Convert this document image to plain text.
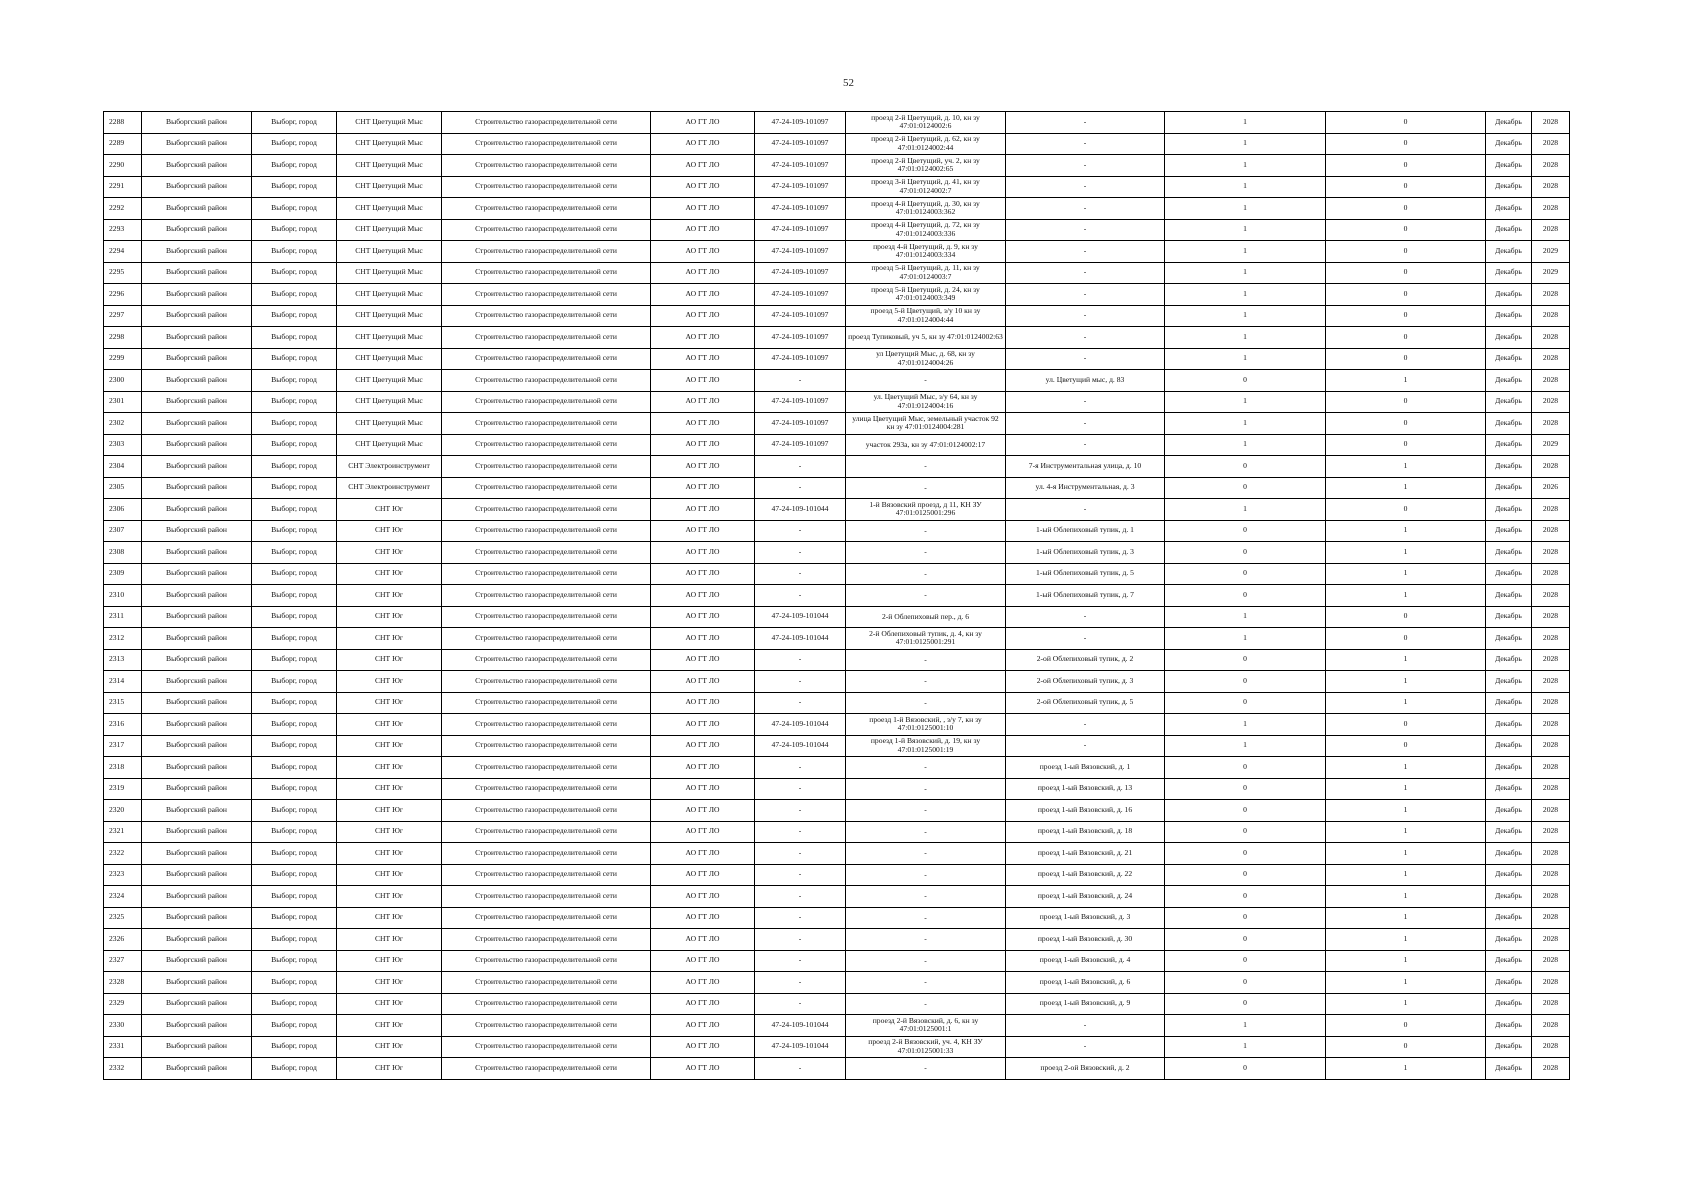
52
2288	Выборгский район	Выборг, город	СНТ Цветущий Мыс	Строительство газораспределительной сети	АО ГТ ЛО	47-24-109-101097	проезд 2-й Цветущий, д. 10, кн зу 47:01:0124002:6	-	1	0	Декабрь	2028
2289	Выборгский район	Выборг, город	СНТ Цветущий Мыс	Строительство газораспределительной сети	АО ГТ ЛО	47-24-109-101097	проезд 2-й Цветущий, д. 62, кн зу 47:01:0124002:44	-	1	0	Декабрь	2028
2290	Выборгский район	Выборг, город	СНТ Цветущий Мыс	Строительство газораспределительной сети	АО ГТ ЛО	47-24-109-101097	проезд 2-й Цветущий, уч. 2, кн зу 47:01:0124002:65	-	1	0	Декабрь	2028
2291	Выборгский район	Выборг, город	СНТ Цветущий Мыс	Строительство газораспределительной сети	АО ГТ ЛО	47-24-109-101097	проезд 3-й Цветущий, д. 41, кн зу 47:01:0124002:7	-	1	0	Декабрь	2028
2292	Выборгский район	Выборг, город	СНТ Цветущий Мыс	Строительство газораспределительной сети	АО ГТ ЛО	47-24-109-101097	проезд 4-й Цветущий, д. 30, кн зу 47:01:0124003:362	-	1	0	Декабрь	2028
2293	Выборгский район	Выборг, город	СНТ Цветущий Мыс	Строительство газораспределительной сети	АО ГТ ЛО	47-24-109-101097	проезд 4-й Цветущий, д. 72, кн зу 47:01:0124003:336	-	1	0	Декабрь	2028
2294	Выборгский район	Выборг, город	СНТ Цветущий Мыс	Строительство газораспределительной сети	АО ГТ ЛО	47-24-109-101097	проезд 4-й Цветущий, д. 9, кн зу 47:01:0124003:334	-	1	0	Декабрь	2029
2295	Выборгский район	Выборг, город	СНТ Цветущий Мыс	Строительство газораспределительной сети	АО ГТ ЛО	47-24-109-101097	проезд 5-й Цветущий, д. 11, кн зу 47:01:0124003:7	-	1	0	Декабрь	2029
2296	Выборгский район	Выборг, город	СНТ Цветущий Мыс	Строительство газораспределительной сети	АО ГТ ЛО	47-24-109-101097	проезд 5-й Цветущий, д. 24, кн зу 47:01:0124003:349	-	1	0	Декабрь	2028
2297	Выборгский район	Выборг, город	СНТ Цветущий Мыс	Строительство газораспределительной сети	АО ГТ ЛО	47-24-109-101097	проезд 5-й Цветущий, з/у 10 кн зу 47:01:0124004:44	-	1	0	Декабрь	2028
2298	Выборгский район	Выборг, город	СНТ Цветущий Мыс	Строительство газораспределительной сети	АО ГТ ЛО	47-24-109-101097	проезд Тупиковый, уч 5, кн зу 47:01:0124002:63	-	1	0	Декабрь	2028
2299	Выборгский район	Выборг, город	СНТ Цветущий Мыс	Строительство газораспределительной сети	АО ГТ ЛО	47-24-109-101097	ул Цветущий Мыс, д. 68, кн зу 47:01:0124004:26	-	1	0	Декабрь	2028
2300	Выборгский район	Выборг, город	СНТ Цветущий Мыс	Строительство газораспределительной сети	АО ГТ ЛО	-	-	ул. Цветущий мыс, д. 83	0	1	Декабрь	2028
2301	Выборгский район	Выборг, город	СНТ Цветущий Мыс	Строительство газораспределительной сети	АО ГТ ЛО	47-24-109-101097	ул. Цветущий Мыс, з/у 64, кн зу 47:01:0124004:16	-	1	0	Декабрь	2028
2302	Выборгский район	Выборг, город	СНТ Цветущий Мыс	Строительство газораспределительной сети	АО ГТ ЛО	47-24-109-101097	улица Цветущий Мыс, земельный участок 92 кн зу 47:01:0124004:281	-	1	0	Декабрь	2028
2303	Выборгский район	Выборг, город	СНТ Цветущий Мыс	Строительство газораспределительной сети	АО ГТ ЛО	47-24-109-101097	участок 293а, кн зу 47:01:0124002:17	-	1	0	Декабрь	2029
2304	Выборгский район	Выборг, город	СНТ Электроинструмент	Строительство газораспределительной сети	АО ГТ ЛО	-	-	7-я Инструментальная улица, д. 10	0	1	Декабрь	2028
2305	Выборгский район	Выборг, город	СНТ Электроинструмент	Строительство газораспределительной сети	АО ГТ ЛО	-	-	ул. 4-я Инструментальная, д. 3	0	1	Декабрь	2026
2306	Выборгский район	Выборг, город	СНТ Юг	Строительство газораспределительной сети	АО ГТ ЛО	47-24-109-101044	1-й Вязовский проезд, д 11, КН ЗУ 47:01:0125001:296	-	1	0	Декабрь	2028
2307	Выборгский район	Выборг, город	СНТ Юг	Строительство газораспределительной сети	АО ГТ ЛО	-	-	1-ый Облепиховый тупик, д. 1	0	1	Декабрь	2028
2308	Выборгский район	Выборг, город	СНТ Юг	Строительство газораспределительной сети	АО ГТ ЛО	-	-	1-ый Облепиховый тупик, д. 3	0	1	Декабрь	2028
2309	Выборгский район	Выборг, город	СНТ Юг	Строительство газораспределительной сети	АО ГТ ЛО	-	-	1-ый Облепиховый тупик, д. 5	0	1	Декабрь	2028
2310	Выборгский район	Выборг, город	СНТ Юг	Строительство газораспределительной сети	АО ГТ ЛО	-	-	1-ый Облепиховый тупик, д. 7	0	1	Декабрь	2028
2311	Выборгский район	Выборг, город	СНТ Юг	Строительство газораспределительной сети	АО ГТ ЛО	47-24-109-101044	2-й Облепиховый пер., д. 6	-	1	0	Декабрь	2028
2312	Выборгский район	Выборг, город	СНТ Юг	Строительство газораспределительной сети	АО ГТ ЛО	47-24-109-101044	2-й Облепиховый тупик, д. 4, кн зу 47:01:0125001:291	-	1	0	Декабрь	2028
2313	Выборгский район	Выборг, город	СНТ Юг	Строительство газораспределительной сети	АО ГТ ЛО	-	-	2-ой Облепиховый тупик, д. 2	0	1	Декабрь	2028
2314	Выборгский район	Выборг, город	СНТ Юг	Строительство газораспределительной сети	АО ГТ ЛО	-	-	2-ой Облепиховый тупик, д. 3	0	1	Декабрь	2028
2315	Выборгский район	Выборг, город	СНТ Юг	Строительство газораспределительной сети	АО ГТ ЛО	-	-	2-ой Облепиховый тупик, д. 5	0	1	Декабрь	2028
2316	Выборгский район	Выборг, город	СНТ Юг	Строительство газораспределительной сети	АО ГТ ЛО	47-24-109-101044	проезд 1-й Вязовский, , з/у 7, кн зу 47:01:0125001:10	-	1	0	Декабрь	2028
2317	Выборгский район	Выборг, город	СНТ Юг	Строительство газораспределительной сети	АО ГТ ЛО	47-24-109-101044	проезд 1-й Вязовский, д. 19, кн зу 47:01:0125001:19	-	1	0	Декабрь	2028
2318	Выборгский район	Выборг, город	СНТ Юг	Строительство газораспределительной сети	АО ГТ ЛО	-	-	проезд 1-ый Вязовский, д. 1	0	1	Декабрь	2028
2319	Выборгский район	Выборг, город	СНТ Юг	Строительство газораспределительной сети	АО ГТ ЛО	-	-	проезд 1-ый Вязовский, д. 13	0	1	Декабрь	2028
2320	Выборгский район	Выборг, город	СНТ Юг	Строительство газораспределительной сети	АО ГТ ЛО	-	-	проезд 1-ый Вязовский, д. 16	0	1	Декабрь	2028
2321	Выборгский район	Выборг, город	СНТ Юг	Строительство газораспределительной сети	АО ГТ ЛО	-	-	проезд 1-ый Вязовский, д. 18	0	1	Декабрь	2028
2322	Выборгский район	Выборг, город	СНТ Юг	Строительство газораспределительной сети	АО ГТ ЛО	-	-	проезд 1-ый Вязовский, д. 21	0	1	Декабрь	2028
2323	Выборгский район	Выборг, город	СНТ Юг	Строительство газораспределительной сети	АО ГТ ЛО	-	-	проезд 1-ый Вязовский, д. 22	0	1	Декабрь	2028
2324	Выборгский район	Выборг, город	СНТ Юг	Строительство газораспределительной сети	АО ГТ ЛО	-	-	проезд 1-ый Вязовский, д. 24	0	1	Декабрь	2028
2325	Выборгский район	Выборг, город	СНТ Юг	Строительство газораспределительной сети	АО ГТ ЛО	-	-	проезд 1-ый Вязовский, д. 3	0	1	Декабрь	2028
2326	Выборгский район	Выборг, город	СНТ Юг	Строительство газораспределительной сети	АО ГТ ЛО	-	-	проезд 1-ый Вязовский, д. 30	0	1	Декабрь	2028
2327	Выборгский район	Выборг, город	СНТ Юг	Строительство газораспределительной сети	АО ГТ ЛО	-	-	проезд 1-ый Вязовский, д. 4	0	1	Декабрь	2028
2328	Выборгский район	Выборг, город	СНТ Юг	Строительство газораспределительной сети	АО ГТ ЛО	-	-	проезд 1-ый Вязовский, д. 6	0	1	Декабрь	2028
2329	Выборгский район	Выборг, город	СНТ Юг	Строительство газораспределительной сети	АО ГТ ЛО	-	-	проезд 1-ый Вязовский, д. 9	0	1	Декабрь	2028
2330	Выборгский район	Выборг, город	СНТ Юг	Строительство газораспределительной сети	АО ГТ ЛО	47-24-109-101044	проезд 2-й Вязовский, д. 6, кн зу 47:01:0125001:1	-	1	0	Декабрь	2028
2331	Выборгский район	Выборг, город	СНТ Юг	Строительство газораспределительной сети	АО ГТ ЛО	47-24-109-101044	проезд 2-й Вязовский, уч. 4, КН ЗУ 47:01:0125001:33	-	1	0	Декабрь	2028
2332	Выборгский район	Выборг, город	СНТ Юг	Строительство газораспределительной сети	АО ГТ ЛО	-	-	проезд 2-ой Вязовский, д. 2	0	1	Декабрь	2028
